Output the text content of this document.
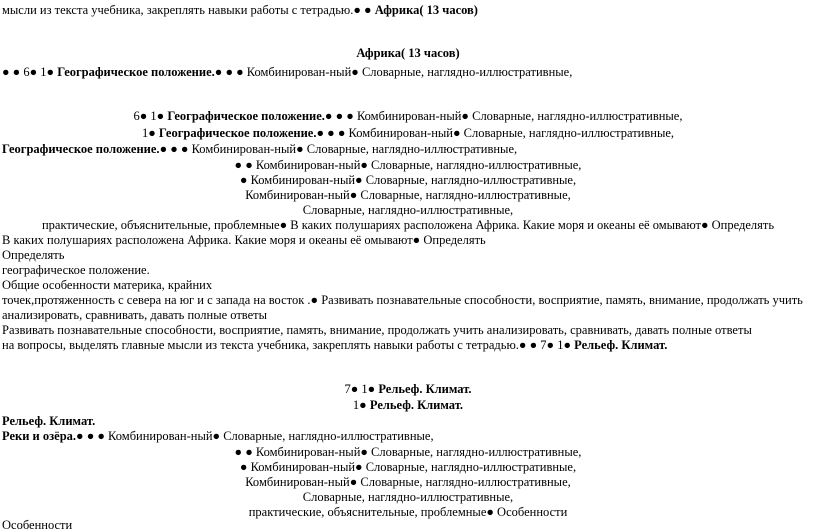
мысли из текста учебника, закреплять навыки работы с тетрадью.● ● Африка( 13 часов)
Африка( 13 часов)
● ● 6● 1● Географическое положение.● ● ● Комбинирован-ный● Словарные, наглядно-иллюстративные,
6● 1● Географическое положение.● ● ● Комбинирован-ный● Словарные, наглядно-иллюстративные,
1● Географическое положение.● ● ● Комбинирован-ный● Словарные, наглядно-иллюстративные,
Географическое положение.● ● ● Комбинирован-ный● Словарные, наглядно-иллюстративные,
● ● Комбинирован-ный● Словарные, наглядно-иллюстративные,
● Комбинирован-ный● Словарные, наглядно-иллюстративные,
Комбинирован-ный● Словарные, наглядно-иллюстративные,
Словарные, наглядно-иллюстративные,
практические, объяснительные, проблемные● В каких полушариях расположена Африка. Какие моря и океаны её омывают● Определять
В каких полушариях расположена Африка. Какие моря и океаны её омывают● Определять
Определять
географическое положение.
Общие особенности материка, крайних
точек,протяженность с севера на юг и с запада на восток .● Развивать познавательные способности, восприятие, память, внимание, продолжать учить
анализировать, сравнивать, давать полные ответы
Развивать познавательные способности, восприятие, память, внимание, продолжать учить анализировать, сравнивать, давать полные ответы
на вопросы, выделять главные мысли из текста учебника, закреплять навыки работы с тетрадью.● ● 7● 1● Рельеф. Климат.
7● 1● Рельеф. Климат.
1● Рельеф. Климат.
Рельеф. Климат.
Реки и озёра.● ● ● Комбинирован-ный● Словарные, наглядно-иллюстративные,
● ● Комбинирован-ный● Словарные, наглядно-иллюстративные,
● Комбинирован-ный● Словарные, наглядно-иллюстративные,
Комбинирован-ный● Словарные, наглядно-иллюстративные,
Словарные, наглядно-иллюстративные,
практические, объяснительные, проблемные● Особенности
Особенности
